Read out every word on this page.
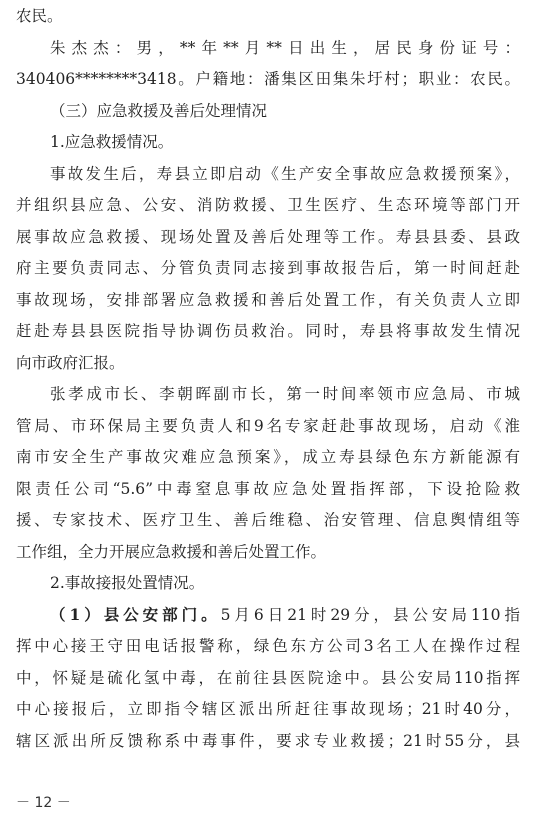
农民。
朱杰杰：男，**年**月**日出生，居民身份证号：
340406********3418。户籍地：潘集区田集朱圩村；职业：农民。
（三）应急救援及善后处理情况
1.应急救援情况。
事故发生后，寿县立即启动《生产安全事故应急救援预案》，
并组织县应急、公安、消防救援、卫生医疗、生态环境等部门开
展事故应急救援、现场处置及善后处理等工作。寿县县委、县政
府主要负责同志、分管负责同志接到事故报告后，第一时间赶赴
事故现场，安排部署应急救援和善后处置工作，有关负责人立即
赶赴寿县县医院指导协调伤员救治。同时，寿县将事故发生情况
向市政府汇报。
张孝成市长、李朝晖副市长，第一时间率领市应急局、市城
管局、市环保局主要负责人和9名专家赶赴事故现场，启动《淮
南市安全生产事故灾难应急预案》，成立寿县绿色东方新能源有
限责任公司“5.6”中毒窒息事故应急处置指挥部，下设抢险救
援、专家技术、医疗卫生、善后维稳、治安管理、信息舆情组等
工作组，全力开展应急救援和善后处置工作。
2.事故接报处置情况。
（1）县公安部门。5月6日21时29分，县公安局110指
挥中心接王守田电话报警称，绿色东方公司3名工人在操作过程
中，怀疑是硫化氢中毒，在前往县医院途中。县公安局110指挥
中心接报后，立即指令辖区派出所赶往事故现场；21时40分，
－ 12 －
辖区派出所反馈称系中毒事件，要求专业救援；21时55分，县
